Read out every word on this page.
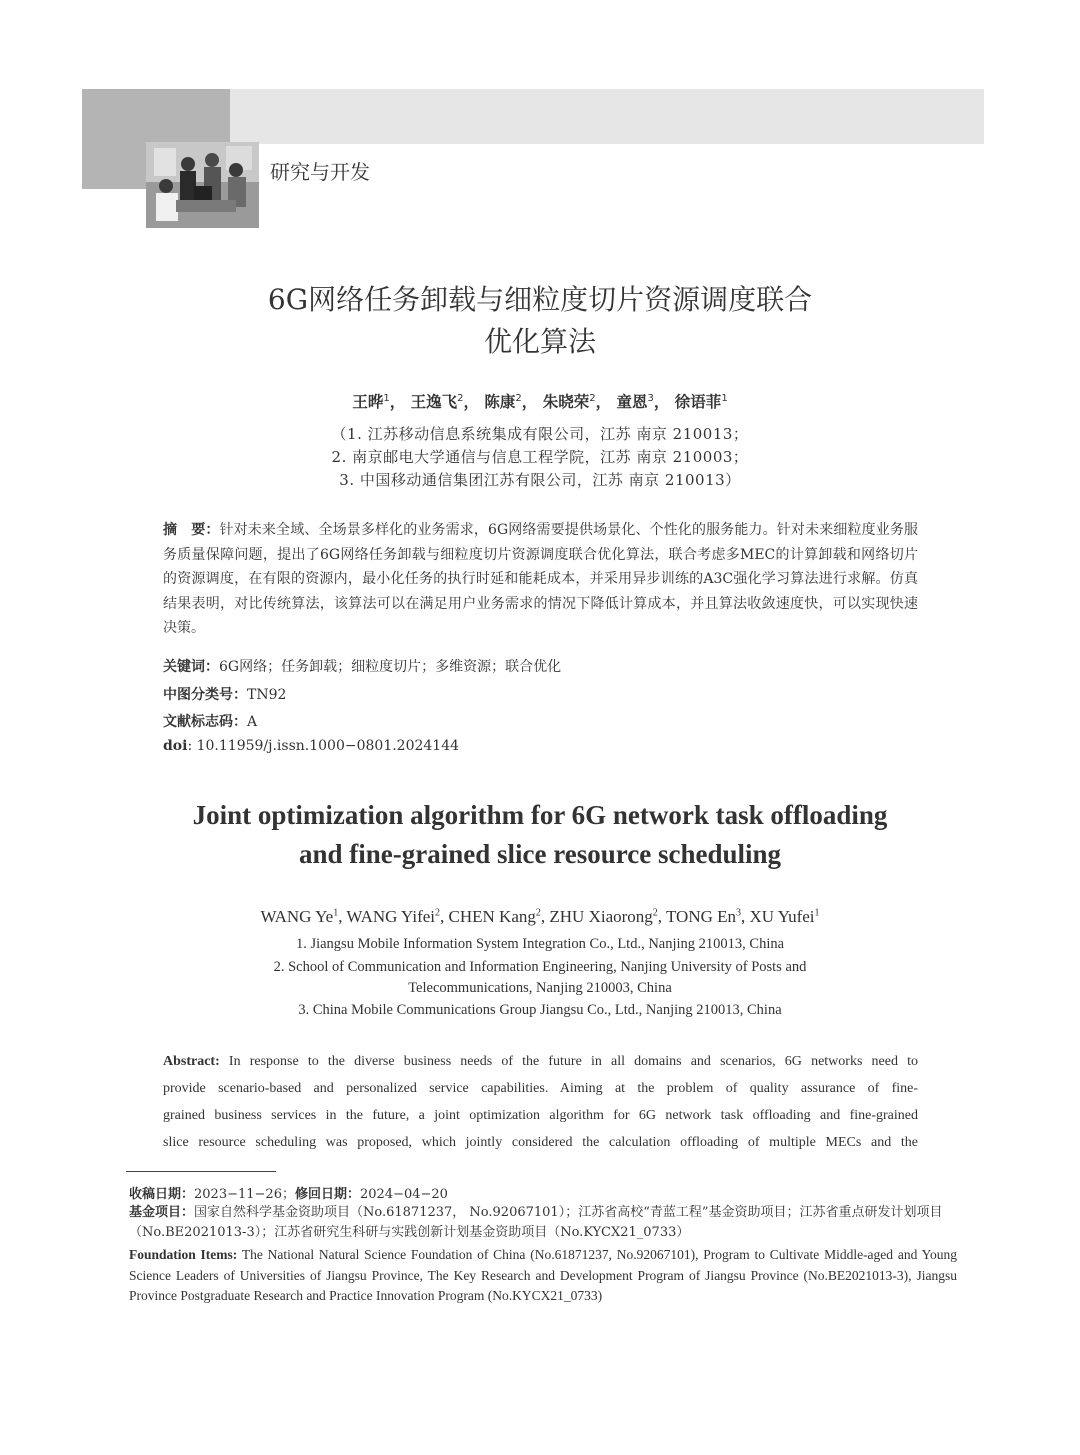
研究与开发
6G网络任务卸载与细粒度切片资源调度联合
优化算法
王晔$^1$， 王逸飞$^2$， 陈康$^2$， 朱晓荣$^2$， 童恩$^3$， 徐语菲$^1$
（1. 江苏移动信息系统集成有限公司，江苏 南京 210013；
2. 南京邮电大学通信与信息工程学院，江苏 南京 210003；
3. 中国移动通信集团江苏有限公司，江苏 南京 210013）
摘　要：针对未来全域、全场景多样化的业务需求，6G网络需要提供场景化、个性化的服务能力。针对未来细粒度业务服务质量保障问题，提出了6G网络任务卸载与细粒度切片资源调度联合优化算法，联合考虑多MEC的计算卸载和网络切片的资源调度，在有限的资源内，最小化任务的执行时延和能耗成本，并采用异步训练的A3C强化学习算法进行求解。仿真结果表明，对比传统算法，该算法可以在满足用户业务需求的情况下降低计算成本，并且算法收敛速度快，可以实现快速决策。
关键词：6G网络；任务卸载；细粒度切片；多维资源；联合优化
中图分类号：TN92
文献标志码：A
doi: 10.11959/j.issn.1000−0801.2024144
Joint optimization algorithm for 6G network task offloading
and fine-grained slice resource scheduling
WANG Ye$^1$, WANG Yifei$^2$, CHEN Kang$^2$, ZHU Xiaorong$^2$, TONG En$^3$, XU Yufei$^1$
1. Jiangsu Mobile Information System Integration Co., Ltd., Nanjing 210013, China
2. School of Communication and Information Engineering, Nanjing University of Posts and
Telecommunications, Nanjing 210003, China
3. China Mobile Communications Group Jiangsu Co., Ltd., Nanjing 210013, China
Abstract: In response to the diverse business needs of the future in all domains and scenarios, 6G networks need to
provide scenario-based and personalized service capabilities. Aiming at the problem of quality assurance of fine-
grained business services in the future, a joint optimization algorithm for 6G network task offloading and fine-grained
slice resource scheduling was proposed, which jointly considered the calculation offloading of multiple MECs and the
收稿日期：2023−11−26；修回日期：2024−04−20
基金项目：国家自然科学基金资助项目（No.61871237， No.92067101）；江苏省高校“青蓝工程”基金资助项目；江苏省重点研发计划项目（No.BE2021013-3）；江苏省研究生科研与实践创新计划基金资助项目（No.KYCX21_0733）
Foundation Items: The National Natural Science Foundation of China (No.61871237, No.92067101), Program to Cultivate Middle-aged and Young Science Leaders of Universities of Jiangsu Province, The Key Research and Development Program of Jiangsu Province (No.BE2021013-3), Jiangsu Province Postgraduate Research and Practice Innovation Program (No.KYCX21_0733)
